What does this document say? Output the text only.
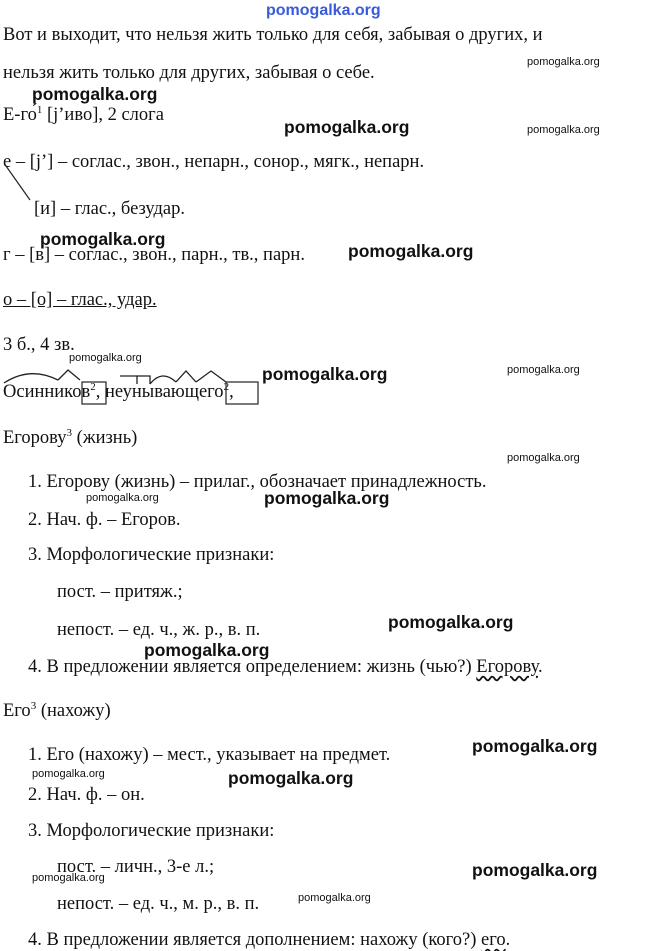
pomogalka.org
pomogalka.org
pomogalka.org
pomogalka.org	pomogalka.org
pomogalka.org
pomogalka.org
pomogalka.org
pomogalka.org	pomogalka.org
pomogalka.org
pomogalka.org	pomogalka.org
pomogalka.org
pomogalka.org
pomogalka.org
pomogalka.org	pomogalka.org
pomogalka.org
pomogalka.org
pomogalka.org
Вот и выходит, что нельзя жить только для себя, забывая о других, и
нельзя жить только для других, забывая о себе.
Е-го́$^1$ [j’иво], 2 слога
е – [j’] – соглас., звон., непарн., сонор., мягк., непарн.
[и] – глас., безудар.
г – [в] – соглас., звон., парн., тв., парн.
о – [о] – глас., удар.
3 б., 4 зв.
Осинников$^2$, неунывающего$^2$,
Егорову$^3$ (жизнь)
1. Егорову (жизнь) – прилаг., обозначает принадлежность.
2. Нач. ф. – Егоров.
3. Морфологические признаки:
пост. – притяж.;
непост. – ед. ч., ж. р., в. п.
4. В предложении является определением: жизнь (чью?) Егорову.
Его$^3$ (нахожу)
1. Его (нахожу) – мест., указывает на предмет.
2. Нач. ф. – он.
3. Морфологические признаки:
пост. – личн., 3-е л.;
непост. – ед. ч., м. р., в. п.
4. В предложении является дополнением: нахожу (кого?) его.
